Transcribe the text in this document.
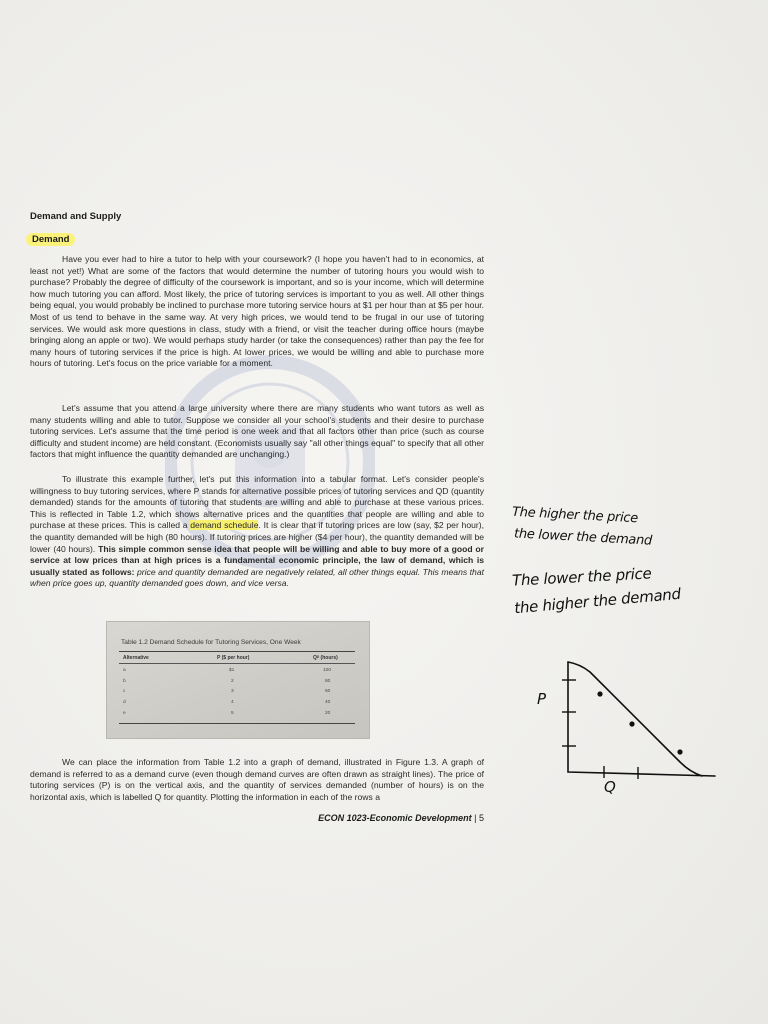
Demand and Supply
Demand

Have you ever had to hire a tutor to help with your coursework? (I hope you haven't had to in economics, at least not yet!) What are some of the factors that would determine the number of tutoring hours you would wish to purchase? Probably the degree of difficulty of the coursework is important, and so is your income, which will determine how much tutoring you can afford. Most likely, the price of tutoring services is important to you as well. All other things being equal, you would probably be inclined to purchase more tutoring service hours at $1 per hour than at $5 per hour. Most of us tend to behave in the same way. At very high prices, we would tend to be frugal in our use of tutoring services. We would ask more questions in class, study with a friend, or visit the teacher during office hours (maybe bringing along an apple or two). We would perhaps study harder (or take the consequences) rather than pay the fee for many hours of tutoring services if the price is high. At lower prices, we would be willing and able to purchase more hours of tutoring. Let's focus on the price variable for a moment.

Let's assume that you attend a large university where there are many students who want tutors as well as many students willing and able to tutor. Suppose we consider all your school's students and their desire to purchase tutoring services. Let's assume that the time period is one week and that all factors other than price (such as course difficulty and student income) are held constant. (Economists usually say "all other things equal" to specify that all other factors that might influence the quantity demanded are unchanging.)

To illustrate this example further, let's put this information into a tabular format. Let's consider people's willingness to buy tutoring services, where P stands for alternative possible prices of tutoring services and QD (quantity demanded) stands for the amounts of tutoring that students are willing and able to purchase at these various prices. This is reflected in Table 1.2, which shows alternative prices and the quantities that people are willing and able to purchase at these prices. This is called a demand schedule. It is clear that if tutoring prices are low (say, $2 per hour), the quantity demanded will be high (80 hours). If tutoring prices are higher ($4 per hour), the quantity demanded will be lower (40 hours). This simple common sense idea that people will be willing and able to buy more of a good or service at low prices than at high prices is a fundamental economic principle, the law of demand, which is usually stated as follows: price and quantity demanded are negatively related, all other things equal. This means that when price goes up, quantity demanded goes down, and vice versa.

Table 1.2 Demand Schedule for Tutoring Services, One Week
Alternative	P ($ per hour)	Qᴰ (hours)
a	$1	100
b	2	80
c	3	60
d	4	40
e	5	20

We can place the information from Table 1.2 into a graph of demand, illustrated in Figure 1.3. A graph of demand is referred to as a demand curve (even though demand curves are often drawn as straight lines). The price of tutoring services (P) is on the vertical axis, and the quantity of services demanded (number of hours) is on the horizontal axis, which is labelled Q for quantity. Plotting the information in each of the rows a

ECON 1023-Economic Development | 5
The higher the price
the lower the demand
The lower the price
the higher the demand
P
Q
